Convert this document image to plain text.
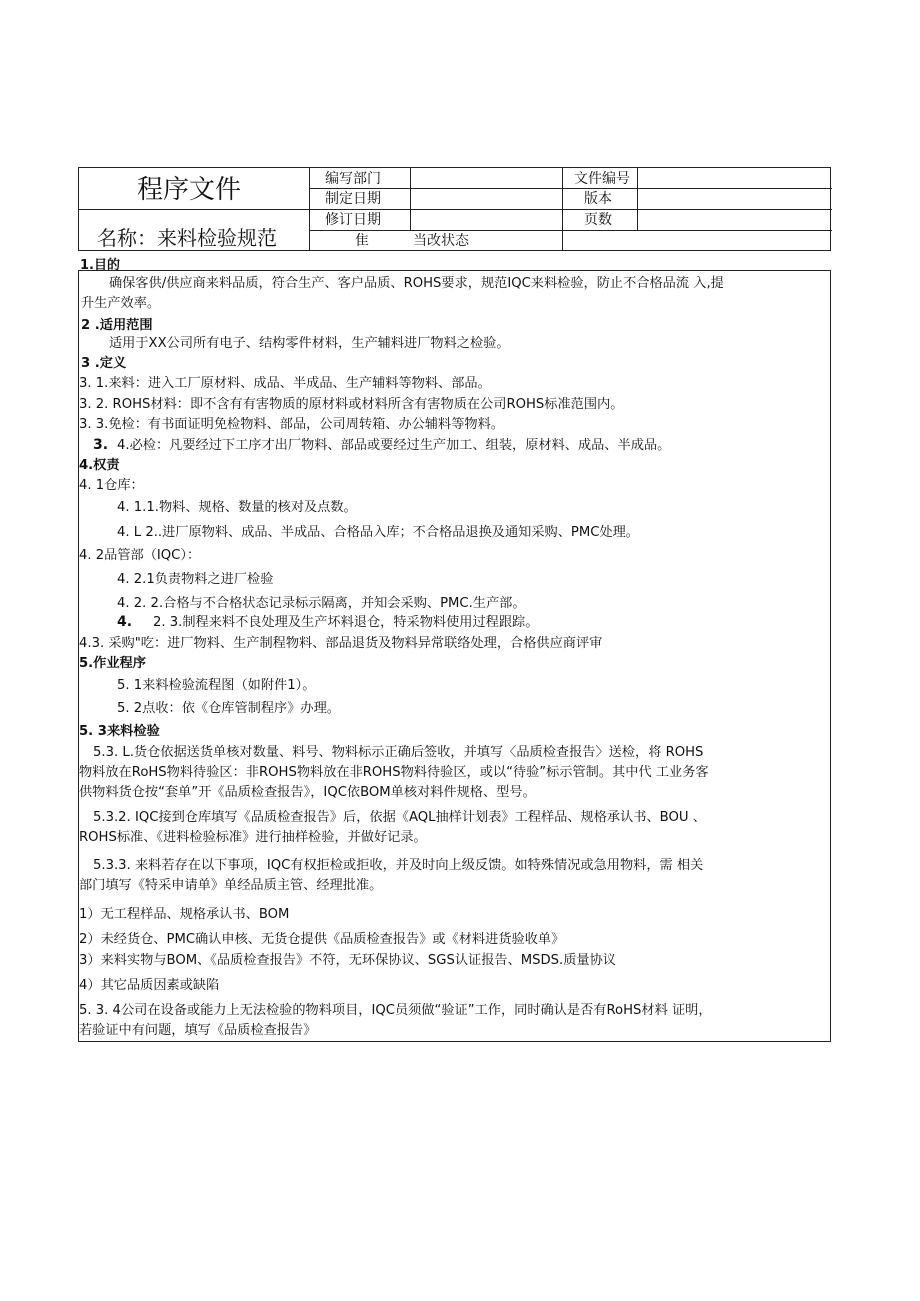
程序文件
名称：来料检验规范
编写部门
制定日期
修订日期
隹	当改状态
文件编号
版本
页数
1.目的
确保客供/供应商来料品质，符合生产、客户品质、ROHS要求，规范IQC来料检验，防止不合格品流 入,提
升生产效率。
2 .适用范围
适用于XX公司所有电子、结构零件材料，生产辅料进厂物料之检验。
3 .定义
3. 1.来料：进入工厂原材料、成品、半成品、生产辅料等物料、部品。
3. 2. ROHS材料：即不含有有害物质的原材料或材料所含有害物质在公司ROHS标准范围内。
3. 3.免检：有书面证明免检物料、部品，公司周转箱、办公辅料等物料。
3. 4.必检：凡要经过下工序才出厂物料、部品或要经过生产加工、组装，原材料、成品、半成品。
4.权责
4. 1仓库：
4. 1.1.物料、规格、数量的核对及点数。
4. L 2..进厂原物料、成品、半成品、合格品入库；不合格品退换及通知采购、PMC处理。
4. 2品管部（IQC）：
4. 2.1负责物料之进厂检验
4. 2. 2.合格与不合格状态记录标示隔离，并知会采购、PMC.生产部。
4. 2. 3.制程来料不良处理及生产坏料退仓，特采物料使用过程跟踪。
4.3. 采购"吃：进厂物料、生产制程物料、部品退货及物料异常联络处理，合格供应商评审
5.作业程序
5. 1来料检验流程图（如附件1）。
5. 2点收：依《仓库管制程序》办理。
5. 3来料检验
5.3. L.货仓依据送货单核对数量、料号、物料标示正确后签收，并填写〈品质检查报告〉送检，将 ROHS
物料放在RoHS物料待验区：非ROHS物料放在非ROHS物料待验区，或以“待验”标示管制。其中代 工业务客
供物料货仓按“套单”开《品质检查报告》，IQC依BOM单核对料件规格、型号。
5.3.2. IQC接到仓库填写《品质检查报告》后，依据《AQL抽样计划表》工程样品、规格承认书、BOU 、
ROHS标准、《进料检验标准》进行抽样检验，并做好记录。
5.3.3. 来料若存在以下事项，IQC有权拒检或拒收，并及时向上级反馈。如特殊情况或急用物料，需 相关
部门填写《特采申请单》单经品质主管、经理批准。
1）无工程样品、规格承认书、BOM
2）未经货仓、PMC确认申核、无货仓提供《品质检查报告》或《材料进货验收单》
3）来料实物与BOM、《品质检查报告》不符，无环保协议、SGS认证报告、MSDS.质量协议
4）其它品质因素或缺陷
5. 3. 4公司在设备或能力上无法检验的物料项目，IQC员须做“验证”工作，同时确认是否有RoHS材料 证明，
若验证中有问题，填写《品质检查报告》
